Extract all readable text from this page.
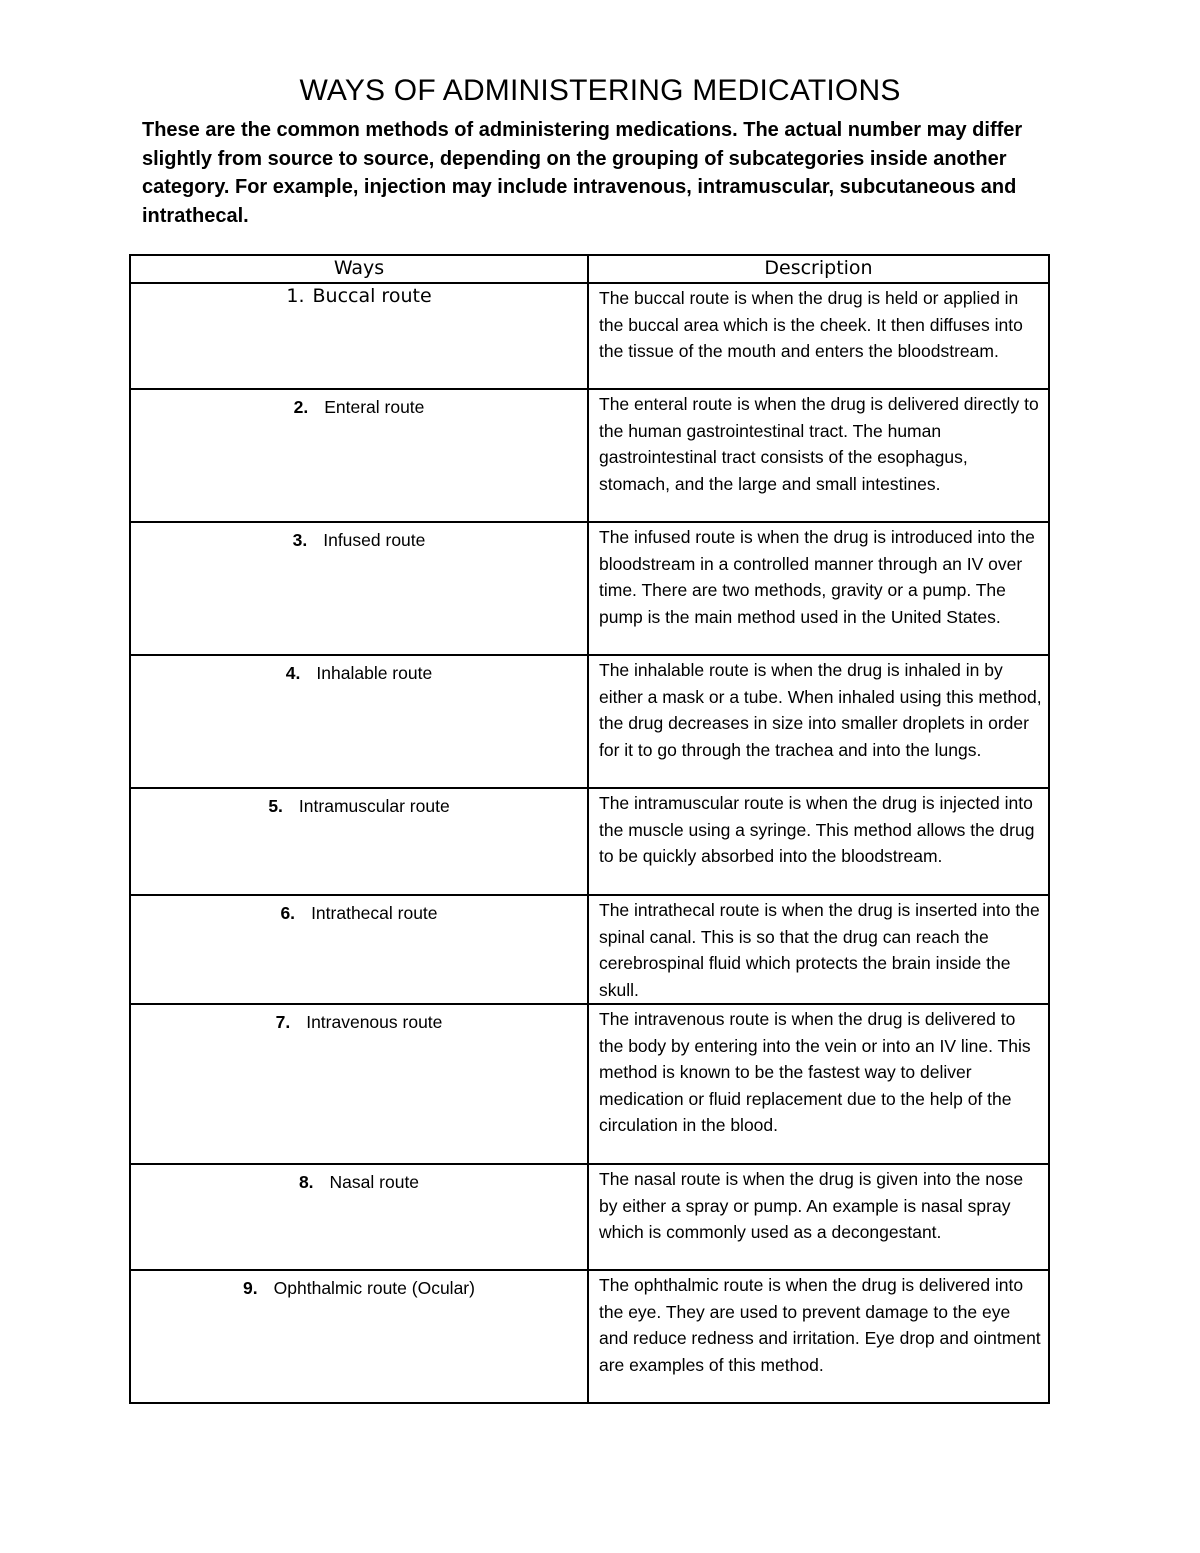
WAYS OF ADMINISTERING MEDICATIONS

These are the common methods of administering medications. The actual number may differ slightly from source to source, depending on the grouping of subcategories inside another category. For example, injection may include intravenous, intramuscular, subcutaneous and intrathecal.

Ways	Description
1. Buccal route	The buccal route is when the drug is held or applied in the buccal area which is the cheek. It then diffuses into the tissue of the mouth and enters the bloodstream.
2. Enteral route	The enteral route is when the drug is delivered directly to the human gastrointestinal tract. The human gastrointestinal tract consists of the esophagus, stomach, and the large and small intestines.
3. Infused route	The infused route is when the drug is introduced into the bloodstream in a controlled manner through an IV over time. There are two methods, gravity or a pump. The pump is the main method used in the United States.
4. Inhalable route	The inhalable route is when the drug is inhaled in by either a mask or a tube. When inhaled using this method, the drug decreases in size into smaller droplets in order for it to go through the trachea and into the lungs.
5. Intramuscular route	The intramuscular route is when the drug is injected into the muscle using a syringe. This method allows the drug to be quickly absorbed into the bloodstream.
6. Intrathecal route	The intrathecal route is when the drug is inserted into the spinal canal. This is so that the drug can reach the cerebrospinal fluid which protects the brain inside the skull.
7. Intravenous route	The intravenous route is when the drug is delivered to the body by entering into the vein or into an IV line. This method is known to be the fastest way to deliver medication or fluid replacement due to the help of the circulation in the blood.
8. Nasal route	The nasal route is when the drug is given into the nose by either a spray or pump. An example is nasal spray which is commonly used as a decongestant.
9. Ophthalmic route (Ocular)	The ophthalmic route is when the drug is delivered into the eye. They are used to prevent damage to the eye and reduce redness and irritation. Eye drop and ointment are examples of this method.
